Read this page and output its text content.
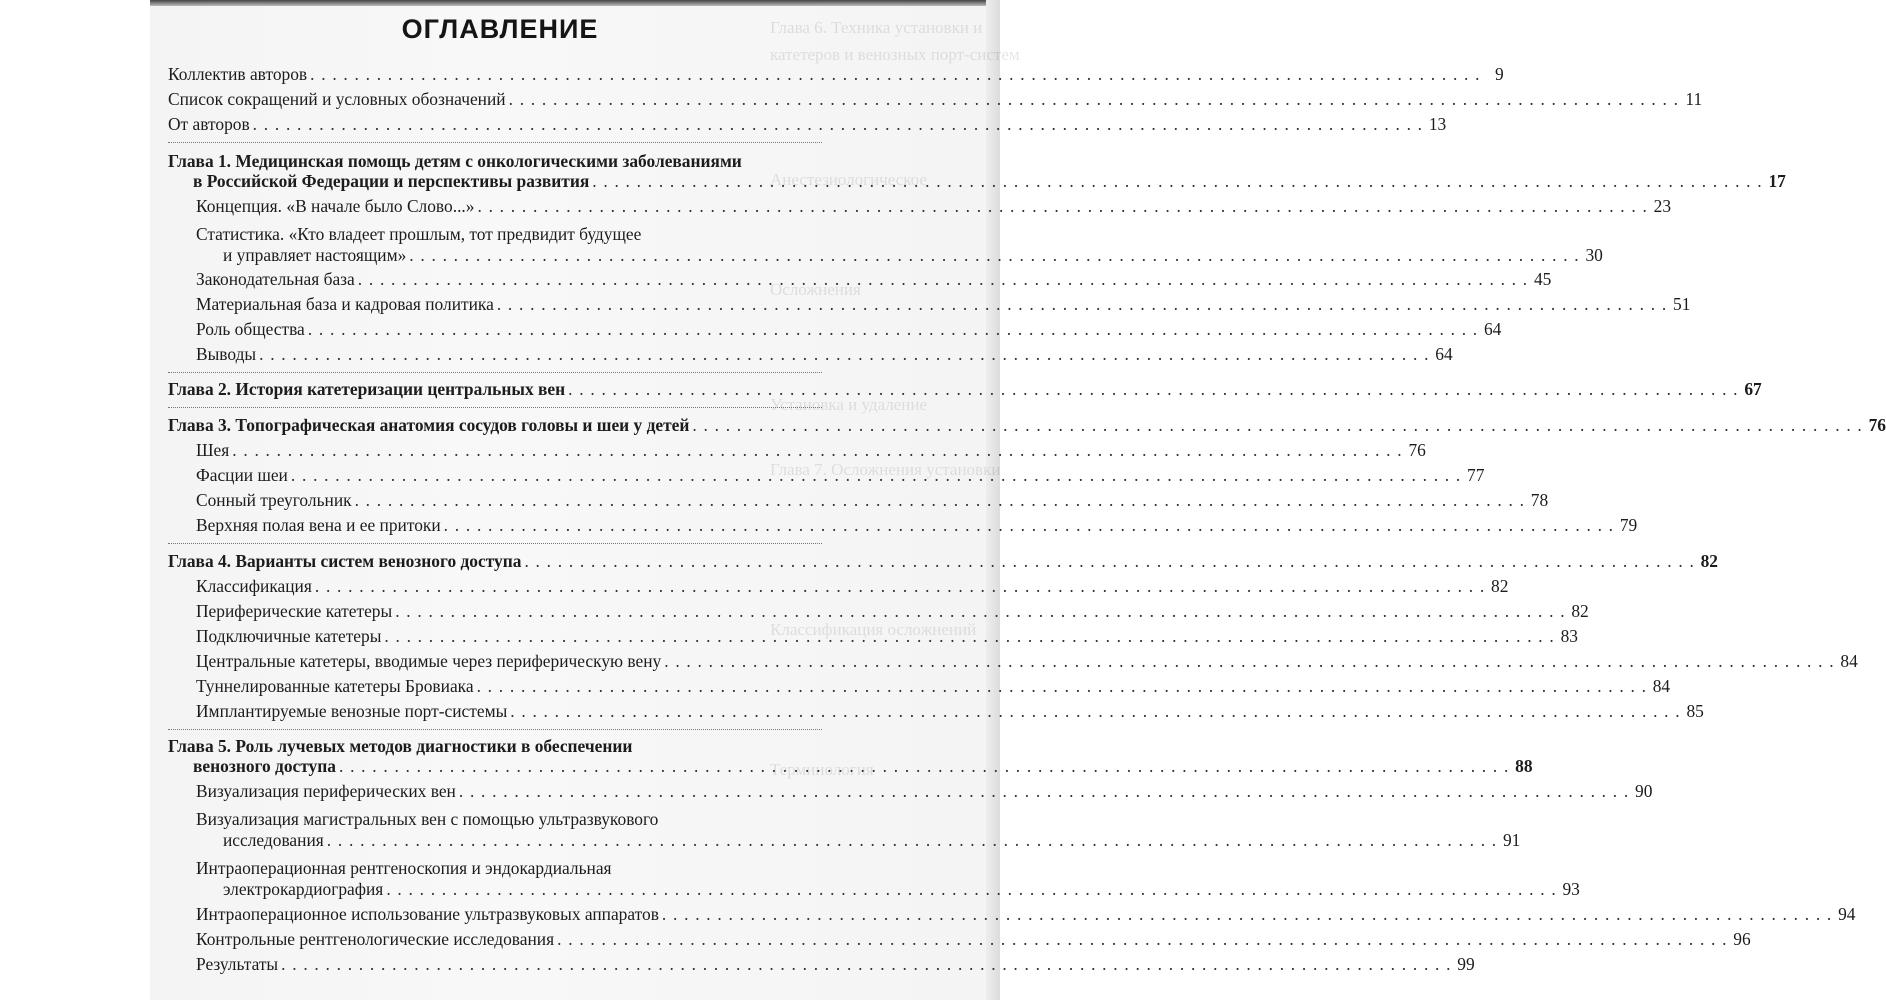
Глава 6. Техника установки и
катетеров и венозных порт-систем
Анестезиологическое
Осложнения
Установка и удаление
Глава 7. Осложнения установки
Классификация осложнений
Терминология
ОГЛАВЛЕНИЕ
Коллектив авторов . . .	9
Список сокращений и условных обозначений . . .	11
От авторов . . .	13
Глава 1. Медицинская помощь детям с онкологическими заболеваниями
в Российской Федерации и перспективы развития . . .	17
Концепция. «В начале было Слово...» . . .	23
Статистика. «Кто владеет прошлым, тот предвидит будущее
и управляет настоящим» . . .	30
Законодательная база . . .	45
Материальная база и кадровая политика . . .	51
Роль общества . . .	64
Выводы . . .	64
Глава 2. История катетеризации центральных вен . . .	67
Глава 3. Топографическая анатомия сосудов головы и шеи у детей . . .	76
Шея . . .	76
Фасции шеи . . .	77
Сонный треугольник . . .	78
Верхняя полая вена и ее притоки . . .	79
Глава 4. Варианты систем венозного доступа . . .	82
Классификация . . .	82
Периферические катетеры . . .	82
Подключичные катетеры . . .	83
Центральные катетеры, вводимые через периферическую вену . . .	84
Туннелированные катетеры Бровиака . . .	84
Имплантируемые венозные порт-системы . . .	85
Глава 5. Роль лучевых методов диагностики в обеспечении
венозного доступа . . .	88
Визуализация периферических вен . . .	90
Визуализация магистральных вен с помощью ультразвукового
исследования . . .	91
Интраоперационная рентгеноскопия и эндокардиальная
электрокардиография . . .	93
Интраоперационное использование ультразвуковых аппаратов . . .	94
Контрольные рентгенологические исследования . . .	96
Результаты . . .	99
